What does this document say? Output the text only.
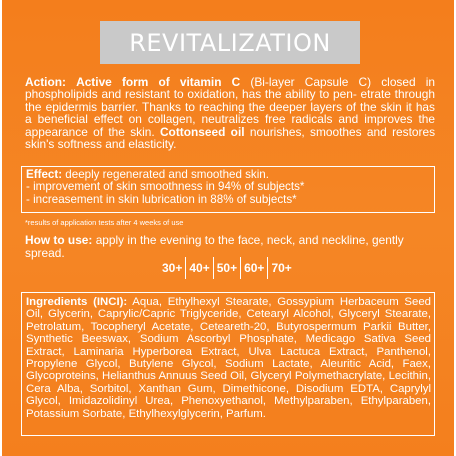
REVITALIZATION

Action: Active form of vitamin C (Bi-layer Capsule C) closed in phospholipids and resistant to oxidation, has the ability to pen- etrate through the epidermis barrier. Thanks to reaching the deeper layers of the skin it has a beneficial effect on collagen, neutralizes free radicals and improves the appearance of the skin. Cottonseed oil nourishes, smoothes and restores skin's softness and elasticity.

Effect: deeply regenerated and smoothed skin.
- improvement of skin smoothness in 94% of subjects*
- increasement in skin lubrication in 88% of subjects*
*results of application tests after 4 weeks of use
How to use: apply in the evening to the face, neck, and neckline, gently spread.
30+ 40+ 50+ 60+ 70+
Ingredients (INCI): Aqua, Ethylhexyl Stearate, Gossypium Herbaceum Seed Oil, Glycerin, Caprylic/Capric Triglyceride, Cetearyl Alcohol, Glyceryl Stearate, Petrolatum, Tocopheryl Acetate, Ceteareth-20, Butyrospermum Parkii Butter, Synthetic Beeswax, Sodium Ascorbyl Phosphate, Medicago Sativa Seed Extract, Laminaria Hyperborea Extract, Ulva Lactuca Extract, Panthenol, Propylene Glycol, Butylene Glycol, Sodium Lactate, Aleuritic Acid, Faex, Glycoproteins, Helianthus Annuus Seed Oil, Glyceryl Polymethacrylate, Lecithin, Cera Alba, Sorbitol, Xanthan Gum, Dimethicone, Disodium EDTA, Caprylyl Glycol, Imidazolidinyl Urea, Phenoxyethanol, Methylparaben, Ethylparaben, Potassium Sorbate, Ethylhexylglycerin, Parfum.
